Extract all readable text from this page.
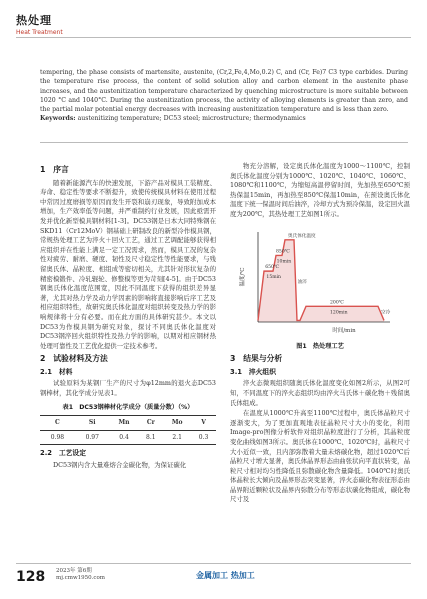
热处理
Heat Treatment

tempering, the phase consists of martensite, austenite, (Cr,2,Fe,4,Mo,0.2) C, and (Cr, Fe)7 C3 type carbides. During the temperature rise process, the content of solid solution alloy and carbon element in the austenite phase increases, and the austenitization temperature characterized by quenching microstructure is more suitable between 1020 °C and 1040°C. During the austenitization process, the activity of alloying elements is greater than zero, and the partial molar potential energy decreases with increasing austenitization temperature and is less than zero.

Keywords: austenitizing temperature; DC53 steel; microstructure; thermodynamics

1　序言

随着新能源汽车的快速发展，下游产品对模具工装精度、寿命、稳定性等要求不断提升，致使传统模具材料在使用过程中常因过度磨损等原因而发生开裂和崩刃现象，导致附加成本增加，生产效率低等问题，并严重制约行业发展，因此亟需开发并优化新型模具钢材料[1-3]。DC53钢是日本大同特殊钢在SKD11（Cr12MoV）钢基础上研制改良的新型冷作模具钢，常规热处理工艺为淬火＋回火工艺，通过工艺调配能够获得相应组织并在性能上满足一定工况需求，然而，模具工况的复杂性对疲劳、耐磨、硬度、韧性及尺寸稳定性等性能要求，与残留奥氏体、晶粒度、相组成等密切相关，尤其针对形状复杂的精密模锻件、冷轧辊轮、修整模等更为苛刻[4-5]。由于DC53钢奥氏体化温度范围宽，因此不同温度下获得的组织差异显著，尤其对热力学及动力学因素的影响将直接影响后序工艺及相应组织特性，故研究奥氏体化温度对组织转变及热力学的影响规律将十分有必要。而在此方面的具体研究甚少。本文以DC53为作模具钢为研究对象，探讨不同奥氏体化温度对DC53钢淬回火组织特性及热力学的影响，以期对相应钢材热处理可靠性及工艺优化提供一定技术参考。

2　试验材料及方法
2.1　材料

试验原料为某钢厂生产的尺寸为φ12mm的退火态DC53钢棒材，其化学成分见表1。

表1　DC53钢棒材化学成分（质量分数）（%）
C	Si	Mn	Cr	Mo	V
0.98	0.97	0.4	8.1	2.1	0.3
2.2　工艺设定

DC53钢内含大量难熔合金碳化物，为保证碳化

物充分溶解，设定奥氏体化温度为1000～1100℃，控制奥氏体化温度分别为1000℃、1020℃、1040℃、1060℃、1080℃和1100℃，为缩短高温停留时间，先加热至650℃预热保温15min，再加热至850℃保温10min，在预设奥氏体化温度下统一保温时间后油淬，冷却方式为预冷保温，设定回火温度为200℃，其热处理工艺如图1所示。

温度/℃
时间/min
奥氏体化温度
650℃
15min
850℃
10min
200℃
120min
油淬
空冷
图1　热处理工艺
3　结果与分析
3.1　淬火组织

淬火态微观组织随奥氏体化温度变化如图2所示，从图2可知，不同温度下的淬火态组织均由淬火马氏体＋碳化物＋残留奥氏体组成。

在温度从1000℃升高至1100℃过程中，奥氏体晶粒尺寸逐渐变大，为了更加直观地表征晶粒尺寸大小的变化，利用Image-pro图像分析软件对组织晶粒度进行了分析，其晶粒度变化曲线如图3所示。奥氏体在1000℃、1020℃时，晶粒尺寸大小近似一致，且内部弥散着大量未熔碳化物，超过1020℃后晶粒尺寸增大显著，奥氏体晶界形态由曲张状向平直状转变，晶粒尺寸相对均匀性降低且弥散碳化物含量降低。1040℃时奥氏体晶粒长大倾向及晶界形态突变显著，淬火态碳化物表征形态由晶界附近颗粒状及晶界内弥散分布等形态状碳化物组成，碳化物尺寸及

128 2023年 第6期
mj.cmw1950.com	金属加工 热加工
